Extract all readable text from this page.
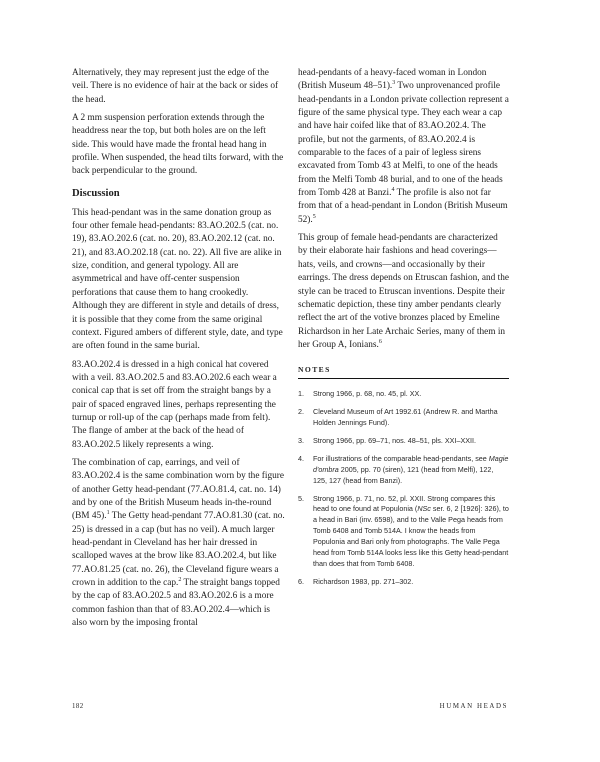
Alternatively, they may represent just the edge of the veil. There is no evidence of hair at the back or sides of the head.

A 2 mm suspension perforation extends through the headdress near the top, but both holes are on the left side. This would have made the frontal head hang in profile. When suspended, the head tilts forward, with the back perpendicular to the ground.

Discussion

This head-pendant was in the same donation group as four other female head-pendants: 83.AO.202.5 (cat. no. 19), 83.AO.202.6 (cat. no. 20), 83.AO.202.12 (cat. no. 21), and 83.AO.202.18 (cat. no. 22). All five are alike in size, condition, and general typology. All are asymmetrical and have off-center suspension perforations that cause them to hang crookedly. Although they are different in style and details of dress, it is possible that they come from the same original context. Figured ambers of different style, date, and type are often found in the same burial.

83.AO.202.4 is dressed in a high conical hat covered with a veil. 83.AO.202.5 and 83.AO.202.6 each wear a conical cap that is set off from the straight bangs by a pair of spaced engraved lines, perhaps representing the turnup or roll-up of the cap (perhaps made from felt). The flange of amber at the back of the head of 83.AO.202.5 likely represents a wing.

The combination of cap, earrings, and veil of 83.AO.202.4 is the same combination worn by the figure of another Getty head-pendant (77.AO.81.4, cat. no. 14) and by one of the British Museum heads in-the-round (BM 45).$^1$ The Getty head-pendant 77.AO.81.30 (cat. no. 25) is dressed in a cap (but has no veil). A much larger head-pendant in Cleveland has her hair dressed in scalloped waves at the brow like 83.AO.202.4, but like 77.AO.81.25 (cat. no. 26), the Cleveland figure wears a crown in addition to the cap.$^2$ The straight bangs topped by the cap of 83.AO.202.5 and 83.AO.202.6 is a more common fashion than that of 83.AO.202.4—which is also worn by the imposing frontal

head-pendants of a heavy-faced woman in London (British Museum 48–51).$^3$ Two unprovenanced profile head-pendants in a London private collection represent a figure of the same physical type. They each wear a cap and have hair coifed like that of 83.AO.202.4. The profile, but not the garments, of 83.AO.202.4 is comparable to the faces of a pair of legless sirens excavated from Tomb 43 at Melfi, to one of the heads from the Melfi Tomb 48 burial, and to one of the heads from Tomb 428 at Banzi.$^4$ The profile is also not far from that of a head-pendant in London (British Museum 52).$^5$

This group of female head-pendants are characterized by their elaborate hair fashions and head coverings—hats, veils, and crowns—and occasionally by their earrings. The dress depends on Etruscan fashion, and the style can be traced to Etruscan inventions. Despite their schematic depiction, these tiny amber pendants clearly reflect the art of the votive bronzes placed by Emeline Richardson in her Late Archaic Series, many of them in her Group A, Ionians.$^6$

NOTES
1.	Strong 1966, p. 68, no. 45, pl. XX.
2.	Cleveland Museum of Art 1992.61 (Andrew R. and Martha Holden Jennings Fund).
3.	Strong 1966, pp. 69–71, nos. 48–51, pls. XXI–XXII.
4.	For illustrations of the comparable head-pendants, see Magie d'ombra 2005, pp. 70 (siren), 121 (head from Melfi), 122, 125, 127 (head from Banzi).
5.	Strong 1966, p. 71, no. 52, pl. XXII. Strong compares this head to one found at Populonia (NSc ser. 6, 2 [1926]: 326), to a head in Bari (inv. 6598), and to the Valle Pega heads from Tomb 6408 and Tomb 514A. I know the heads from Populonia and Bari only from photographs. The Valle Pega head from Tomb 514A looks less like this Getty head-pendant than does that from Tomb 6408.
6.	Richardson 1983, pp. 271–302.
182	HUMAN HEADS
